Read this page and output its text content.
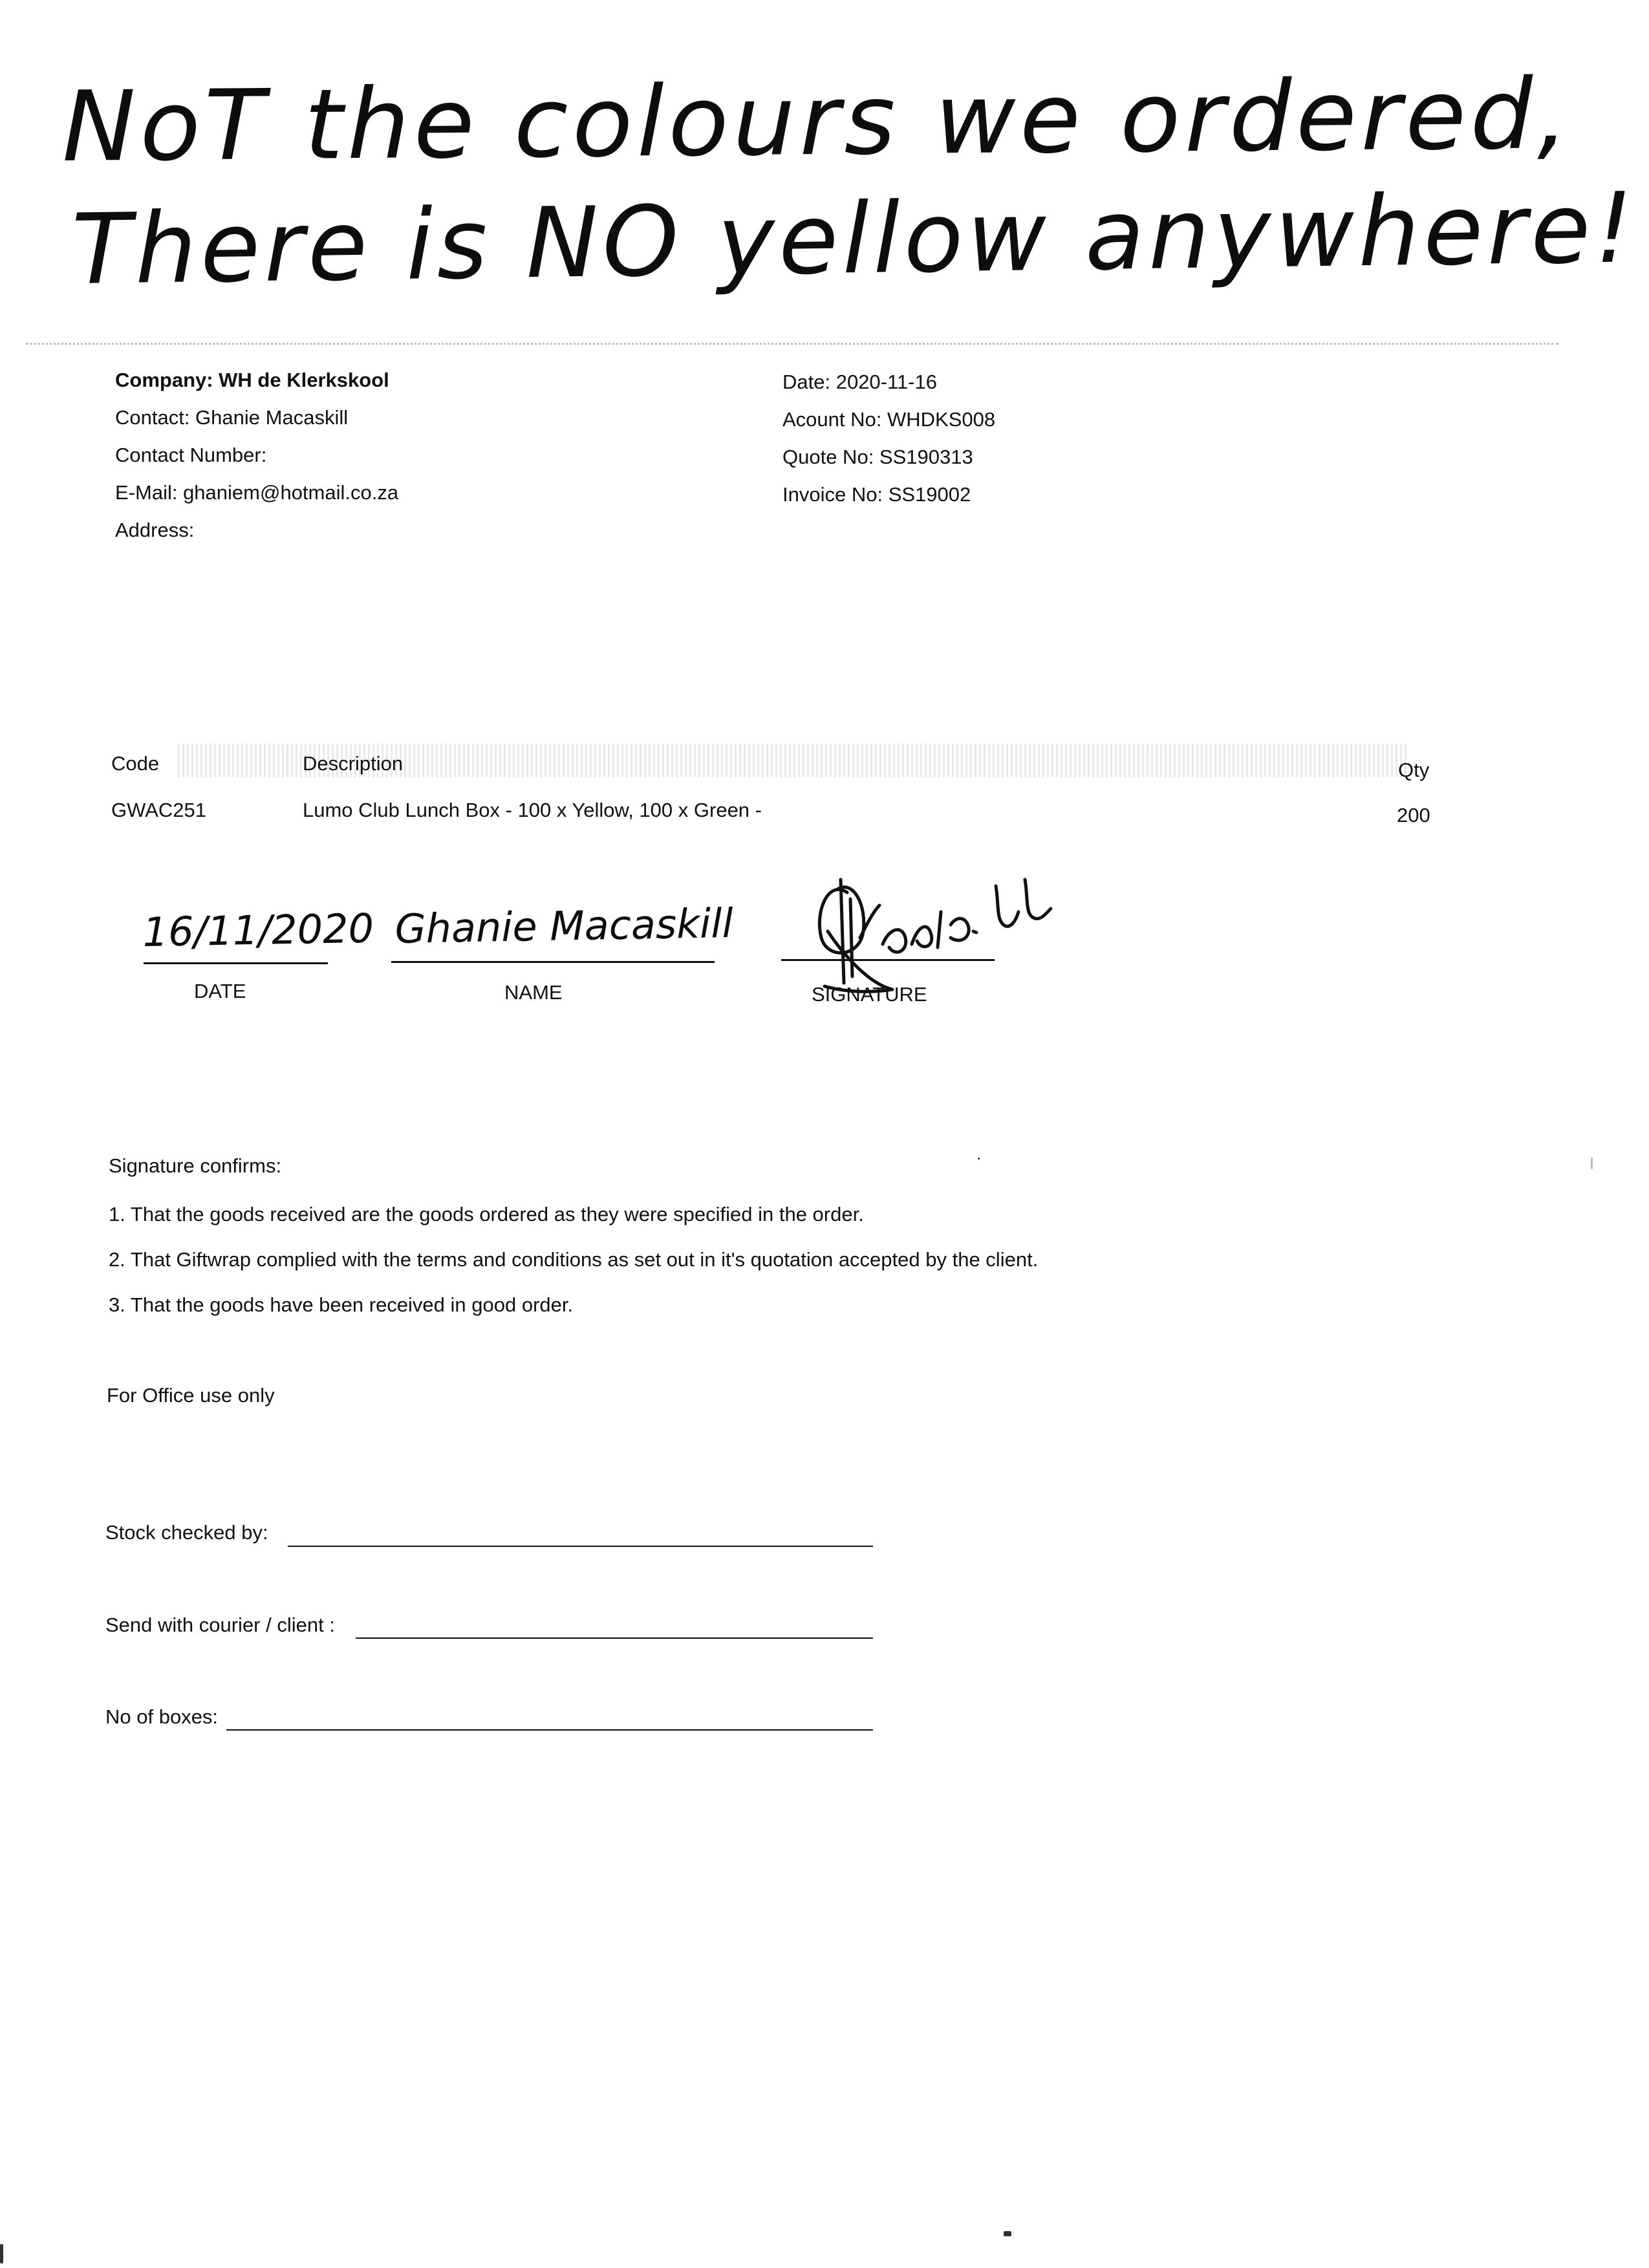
NoT the colours we ordered,
There is NO yellow anywhere!
Company: WH de Klerkskool
Contact: Ghanie Macaskill
Contact Number:
E-Mail: ghaniem@hotmail.co.za
Address:
Date: 2020-11-16
Acount No: WHDKS008
Quote No: SS190313
Invoice No: SS19002
Code	Description	Qty
GWAC251	Lumo Club Lunch Box - 100 x Yellow, 100 x Green -	200
16/11/2020
DATE
Ghanie Macaskill
NAME	SIGNATURE
Signature confirms:
1. That the goods received are the goods ordered as they were specified in the order.
2. That Giftwrap complied with the terms and conditions as set out in it's quotation accepted by the client.
3. That the goods have been received in good order.
For Office use only
Stock checked by:
Send with courier / client :
No of boxes:
